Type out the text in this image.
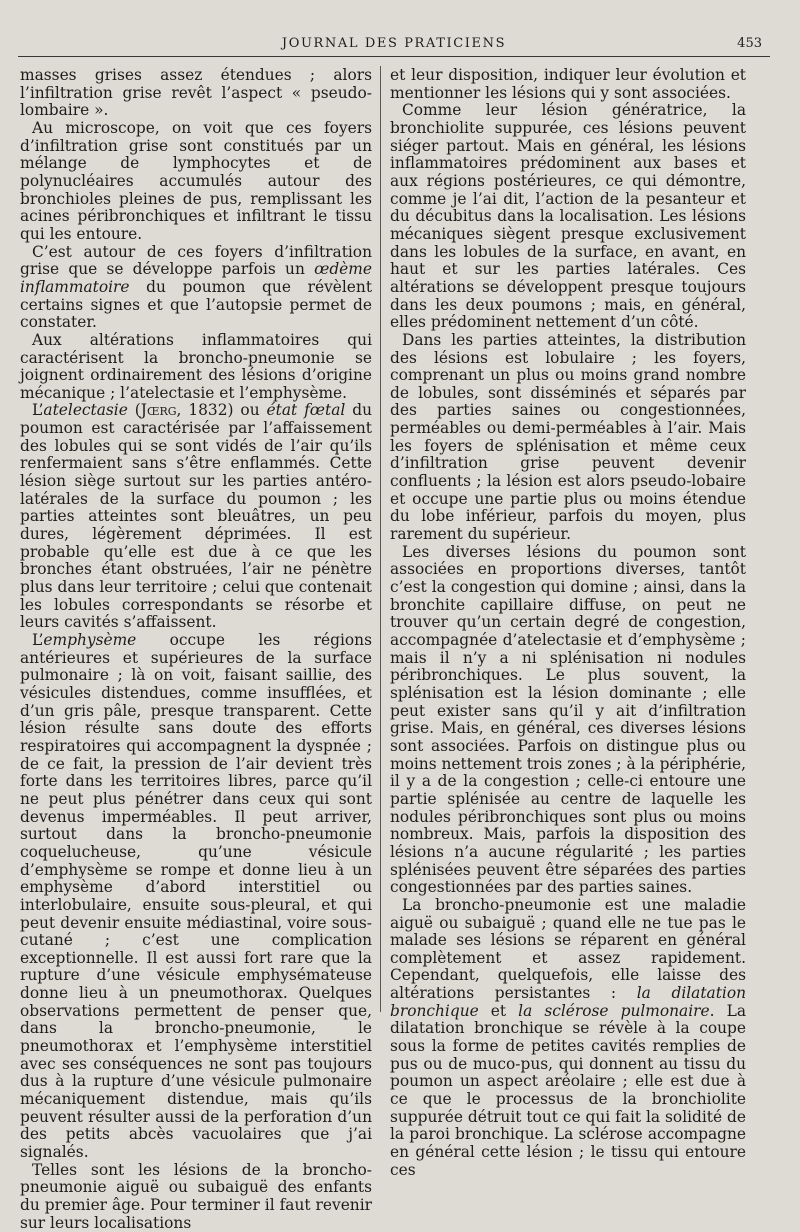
JOURNAL DES PRATICIENS	453

masses grises assez étendues ; alors l’infiltration grise revêt l’aspect « pseudo-lombaire ».

Au microscope, on voit que ces foyers d’infiltration grise sont constitués par un mélange de lymphocytes et de polynucléaires accumulés autour des bronchioles pleines de pus, remplissant les acines péribronchiques et infiltrant le tissu qui les entoure.

C’est autour de ces foyers d’infiltration grise que se développe parfois un œdème inflammatoire du poumon que révèlent certains signes et que l’autopsie permet de constater.

Aux altérations inflammatoires qui caractérisent la broncho-pneumonie se joignent ordinairement des lésions d’origine mécanique ; l’atelectasie et l’emphysème.

L’atelectasie (Jœrg, 1832) ou état fœtal du poumon est caractérisée par l’affaissement des lobules qui se sont vidés de l’air qu’ils renfermaient sans s’être enflammés. Cette lésion siège surtout sur les parties antéro-latérales de la surface du poumon ; les parties atteintes sont bleuâtres, un peu dures, légèrement déprimées. Il est probable qu’elle est due à ce que les bronches étant obstruées, l’air ne pénètre plus dans leur territoire ; celui que contenait les lobules correspondants se résorbe et leurs cavités s’affaissent.

L’emphysème occupe les régions antérieures et supérieures de la surface pulmonaire ; là on voit, faisant saillie, des vésicules distendues, comme insufflées, et d’un gris pâle, presque transparent. Cette lésion résulte sans doute des efforts respiratoires qui accompagnent la dyspnée ; de ce fait, la pression de l’air devient très forte dans les territoires libres, parce qu’il ne peut plus pénétrer dans ceux qui sont devenus imperméables. Il peut arriver, surtout dans la broncho-pneumonie coquelucheuse, qu’une vésicule d’emphysème se rompe et donne lieu à un emphysème d’abord interstitiel ou interlobulaire, ensuite sous-pleural, et qui peut devenir ensuite médiastinal, voire sous-cutané ; c’est une complication exceptionnelle. Il est aussi fort rare que la rupture d’une vésicule emphysémateuse donne lieu à un pneumothorax. Quelques observations permettent de penser que, dans la broncho-pneumonie, le pneumothorax et l’emphysème interstitiel avec ses conséquences ne sont pas toujours dus à la rupture d’une vésicule pulmonaire mécaniquement distendue, mais qu’ils peuvent résulter aussi de la perforation d’un des petits abcès vacuolaires que j’ai signalés.

Telles sont les lésions de la broncho-pneumonie aiguë ou subaiguë des enfants du premier âge. Pour terminer il faut revenir sur leurs localisations

et leur disposition, indiquer leur évolution et mentionner les lésions qui y sont associées.

Comme leur lésion génératrice, la bronchiolite suppurée, ces lésions peuvent siéger partout. Mais en général, les lésions inflammatoires prédominent aux bases et aux régions postérieures, ce qui démontre, comme je l’ai dit, l’action de la pesanteur et du décubitus dans la localisation. Les lésions mécaniques siègent presque exclusivement dans les lobules de la surface, en avant, en haut et sur les parties latérales. Ces altérations se développent presque toujours dans les deux poumons ; mais, en général, elles prédominent nettement d’un côté.

Dans les parties atteintes, la distribution des lésions est lobulaire ; les foyers, comprenant un plus ou moins grand nombre de lobules, sont disséminés et séparés par des parties saines ou congestionnées, perméables ou demi-perméables à l’air. Mais les foyers de splénisation et même ceux d’infiltration grise peuvent devenir confluents ; la lésion est alors pseudo-lobaire et occupe une partie plus ou moins étendue du lobe inférieur, parfois du moyen, plus rarement du supérieur.

Les diverses lésions du poumon sont associées en proportions diverses, tantôt c’est la congestion qui domine ; ainsi, dans la bronchite capillaire diffuse, on peut ne trouver qu’un certain degré de congestion, accompagnée d’atelectasie et d’emphysème ; mais il n’y a ni splénisation ni nodules péribronchiques. Le plus souvent, la splénisation est la lésion dominante ; elle peut exister sans qu’il y ait d’infiltration grise. Mais, en général, ces diverses lésions sont associées. Parfois on distingue plus ou moins nettement trois zones ; à la périphérie, il y a de la congestion ; celle-ci entoure une partie splénisée au centre de laquelle les nodules péribronchiques sont plus ou moins nombreux. Mais, parfois la disposition des lésions n’a aucune régularité ; les parties splénisées peuvent être séparées des parties congestionnées par des parties saines.

La broncho-pneumonie est une maladie aiguë ou subaiguë ; quand elle ne tue pas le malade ses lésions se réparent en général complètement et assez rapidement. Cependant, quelquefois, elle laisse des altérations persistantes : la dilatation bronchique et la sclérose pulmonaire. La dilatation bronchique se révèle à la coupe sous la forme de petites cavités remplies de pus ou de muco-pus, qui donnent au tissu du poumon un aspect aréolaire ; elle est due à ce que le processus de la bronchiolite suppurée détruit tout ce qui fait la solidité de la paroi bronchique. La sclérose accompagne en général cette lésion ; le tissu qui entoure ces
